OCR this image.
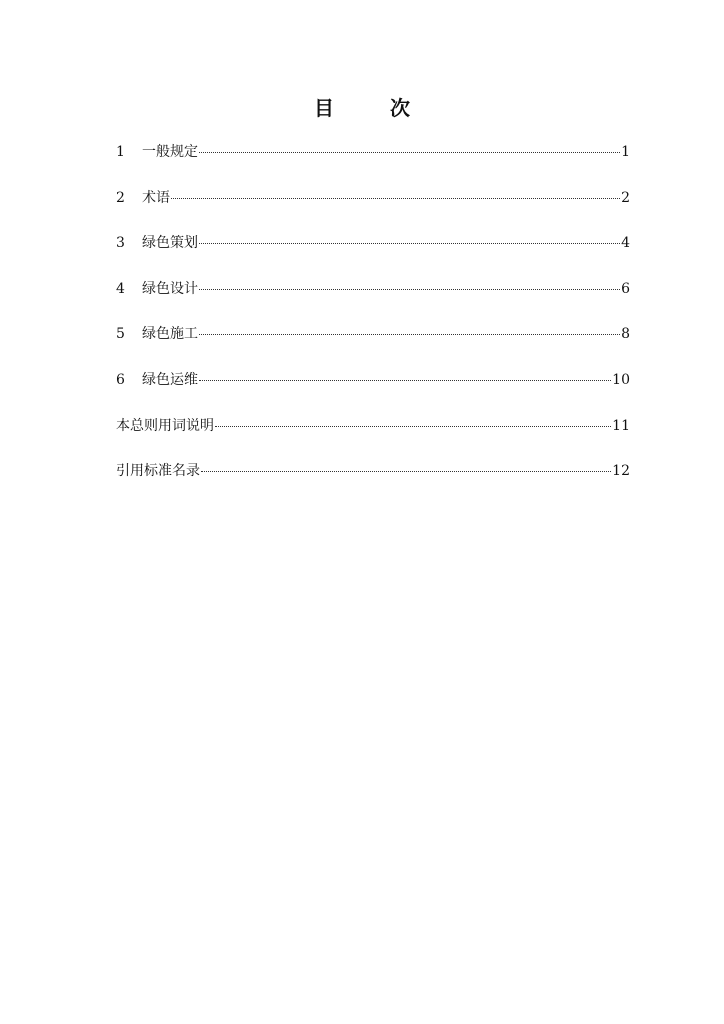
目　次
1	一般规定	1
2	术语	2
3	绿色策划	4
4	绿色设计	6
5	绿色施工	8
6	绿色运维	10
本总则用词说明	11
引用标准名录	12
